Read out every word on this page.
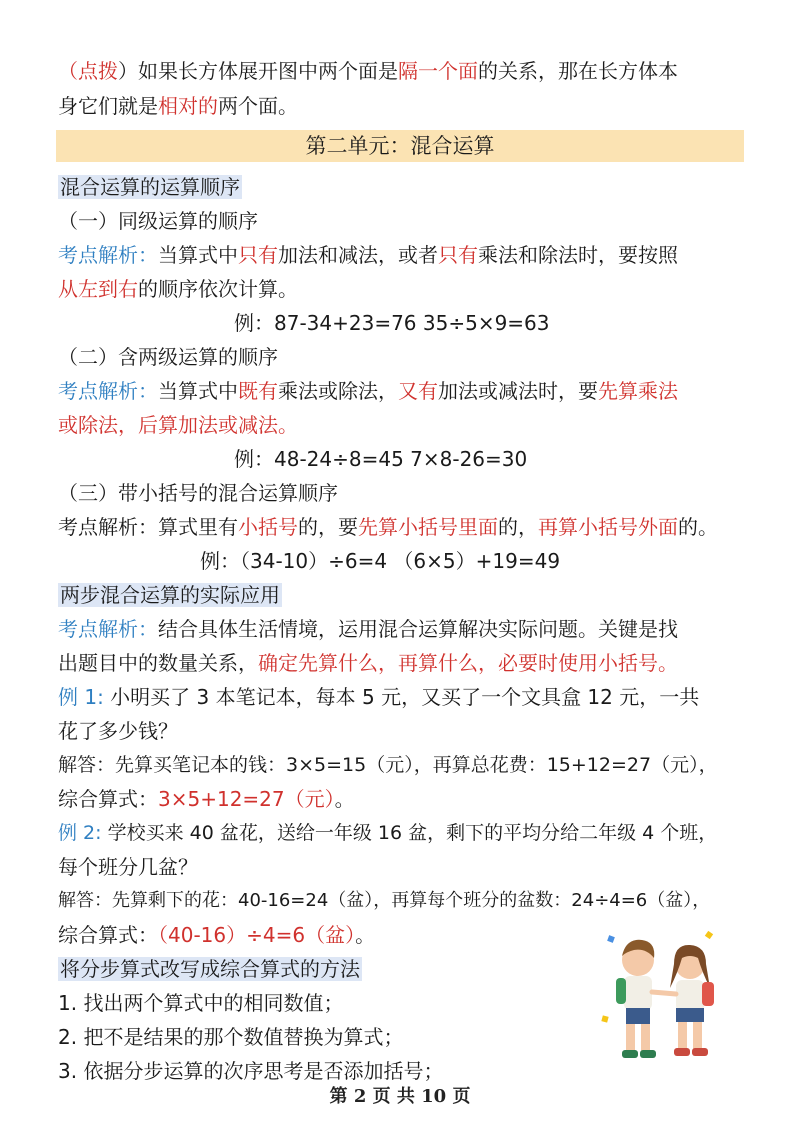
（点拨）如果长方体展开图中两个面是隔一个面的关系，那在长方体本
身它们就是相对的两个面。
第二单元：混合运算
混合运算的运算顺序
（一）同级运算的顺序
考点解析：当算式中只有加法和减法，或者只有乘法和除法时，要按照
从左到右的顺序依次计算。
例：87-34+23=76 35÷5×9=63
（二）含两级运算的顺序
考点解析：当算式中既有乘法或除法，又有加法或减法时，要先算乘法
或除法，后算加法或减法。
例：48-24÷8=45 7×8-26=30
（三）带小括号的混合运算顺序
考点解析：算式里有小括号的，要先算小括号里面的，再算小括号外面的。
例：（34-10）÷6=4 （6×5）+19=49
两步混合运算的实际应用
考点解析：结合具体生活情境，运用混合运算解决实际问题。关键是找
出题目中的数量关系，确定先算什么，再算什么，必要时使用小括号。
例 1: 小明买了 3 本笔记本，每本 5 元，又买了一个文具盒 12 元，一共
花了多少钱？
解答：先算买笔记本的钱：3×5=15（元），再算总花费：15+12=27（元），
综合算式：3×5+12=27（元）。
例 2: 学校买来 40 盆花，送给一年级 16 盆，剩下的平均分给二年级 4 个班，
每个班分几盆？
解答：先算剩下的花：40-16=24（盆），再算每个班分的盆数：24÷4=6（盆），
综合算式：（40-16）÷4=6（盆）。
将分步算式改写成综合算式的方法
1. 找出两个算式中的相同数值；
2. 把不是结果的那个数值替换为算式；
3. 依据分步运算的次序思考是否添加括号；
第 2 页 共 10 页
